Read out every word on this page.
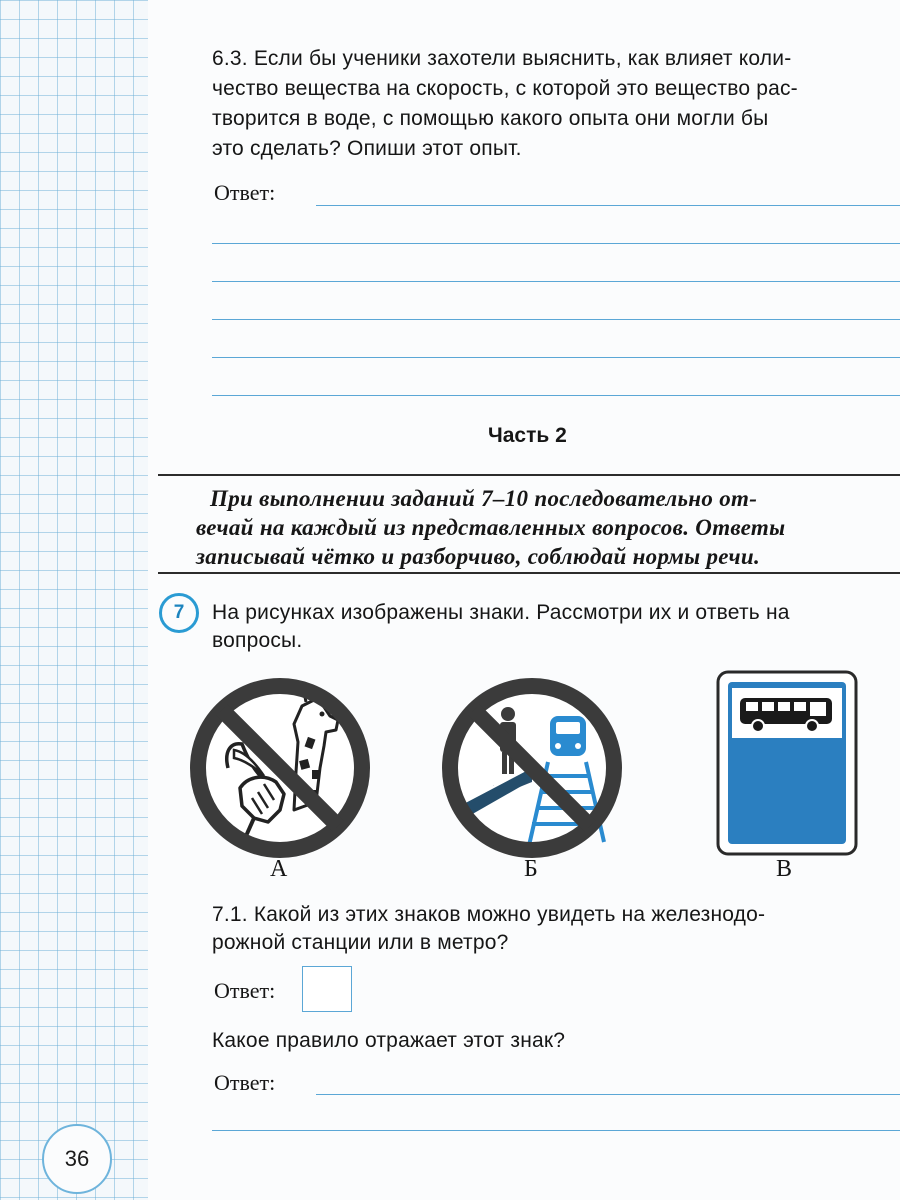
6.3. Если бы ученики захотели выяснить, как влияет коли-
чество вещества на скорость, с которой это вещество рас-
творится в воде, с помощью какого опыта они могли бы
это сделать? Опиши этот опыт.
Ответ:
Часть 2
При выполнении заданий 7–10 последовательно от-
вечай на каждый из представленных вопросов. Ответы
записывай чётко и разборчиво, соблюдай нормы речи.
7	На рисунках изображены знаки. Рассмотри их и ответь на
вопросы.
А	Б	В
7.1. Какой из этих знаков можно увидеть на железнодо-
рожной станции или в метро?
Ответ:
Какое правило отражает этот знак?
Ответ:
36
